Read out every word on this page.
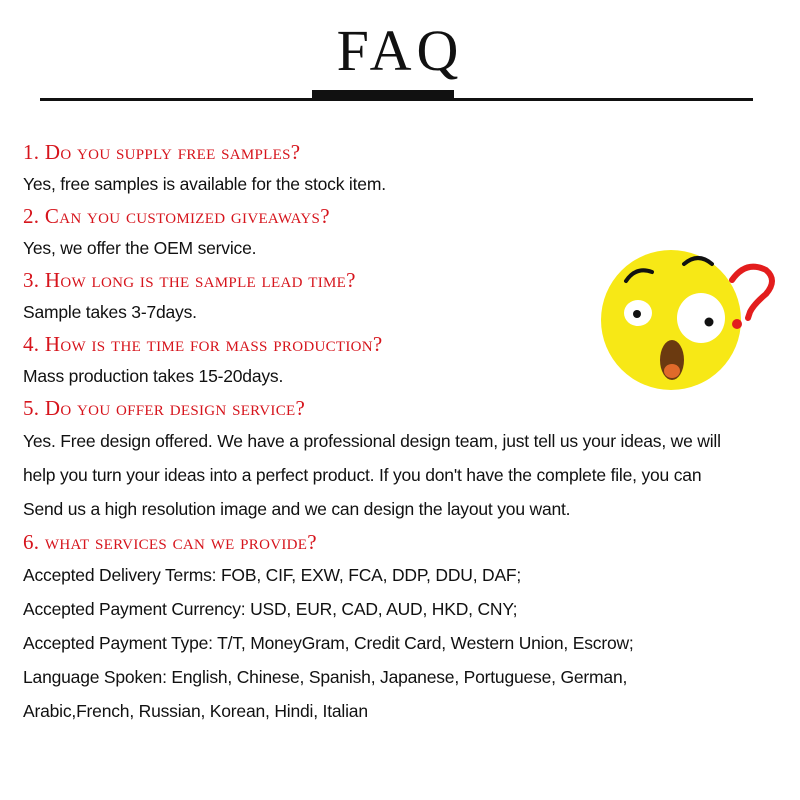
FAQ
1. Do you supply free samples?
Yes, free samples is available for the stock item.
2. Can you customized giveaways?
Yes, we offer the OEM service.
3. How long is the sample lead time?
Sample takes 3-7days.
4. How is the time for mass production?
Mass production takes 15-20days.
5. Do you offer design service?
Yes. Free design offered. We have a professional design team, just tell us your ideas, we will
help you turn your ideas into a perfect product. If you don't have the complete file, you can
Send us a high resolution image and we can design the layout you want.
6. what services can we provide?
Accepted Delivery Terms: FOB, CIF, EXW, FCA, DDP, DDU, DAF;
Accepted Payment Currency: USD, EUR, CAD, AUD, HKD, CNY;
Accepted Payment Type: T/T, MoneyGram, Credit Card, Western Union, Escrow;
Language Spoken: English, Chinese, Spanish, Japanese, Portuguese, German,
Arabic,French, Russian, Korean, Hindi, Italian
